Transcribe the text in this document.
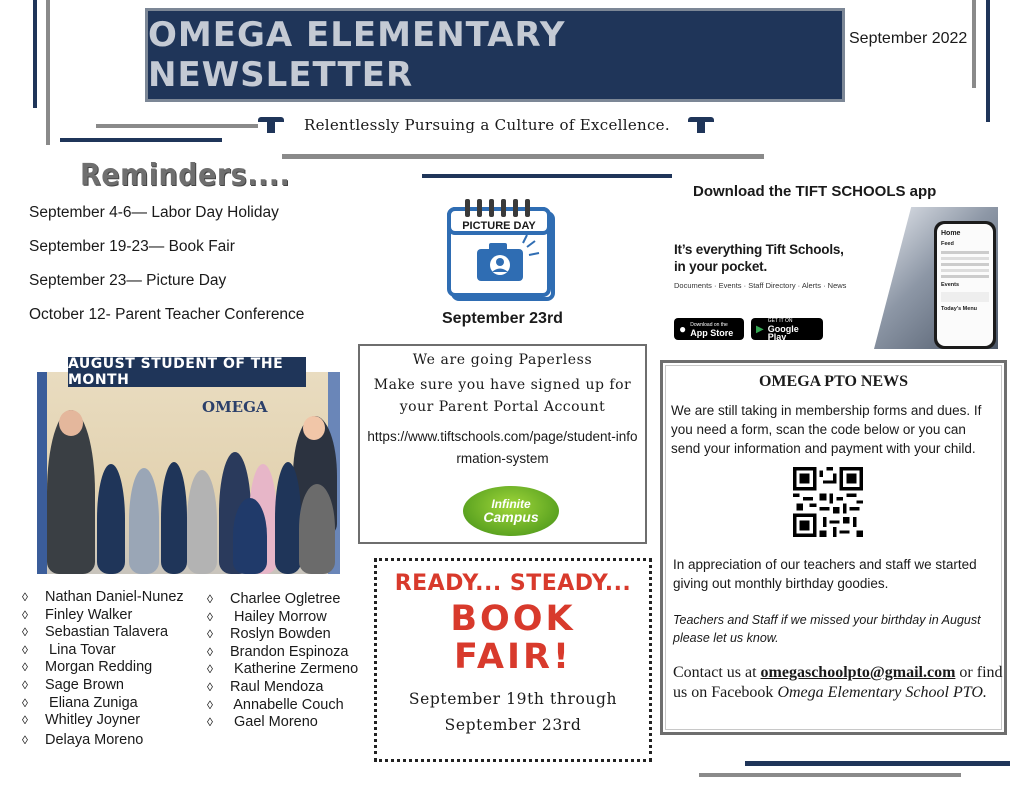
OMEGA ELEMENTARY NEWSLETTER
September 2022
Relentlessly Pursuing a Culture of Excellence.
Reminders....
September 4-6— Labor Day Holiday
September 19-23— Book Fair
September 23— Picture Day
October 12- Parent Teacher Conference
OMEGA
AUGUST STUDENT OF THE MONTH
◊ Nathan Daniel-Nunez
◊ Finley Walker
◊ Sebastian Talavera
◊ Lina Tovar
◊ Morgan Redding
◊ Sage Brown
◊ Eliana Zuniga
◊ Whitley Joyner
◊ Delaya Moreno
◊ Charlee Ogletree
◊ Hailey Morrow
◊ Roslyn Bowden
◊ Brandon Espinoza
◊ Katherine Zermeno
◊ Raul Mendoza
◊ Annabelle Couch
◊ Gael Moreno
PICTURE DAY
September 23rd
We are going Paperless
Make sure you have signed up for your Parent Portal Account
https://www.tiftschools.com/page/student-information-system
Infinite
Campus
READY... STEADY...
BOOK
FAIR!
September 19th through September 23rd
Download the TIFT SCHOOLS app
It’s everything Tift Schools,
in your pocket.
Documents · Events · Staff Directory · Alerts · News
● Download on the
App Store ▶
GET IT ON
Google Play
Home
Feed
Events
Today's Menu
OMEGA PTO NEWS
We are still taking in membership forms and dues. If you need a form, scan the code below or you can send your information and payment with your child.
In appreciation of our teachers and staff we started giving out monthly birthday goodies.
Teachers and Staff if we missed your birthday in August please let us know.
Contact us at omegaschoolpto@gmail.com or find us on Facebook Omega Elementary School PTO.
